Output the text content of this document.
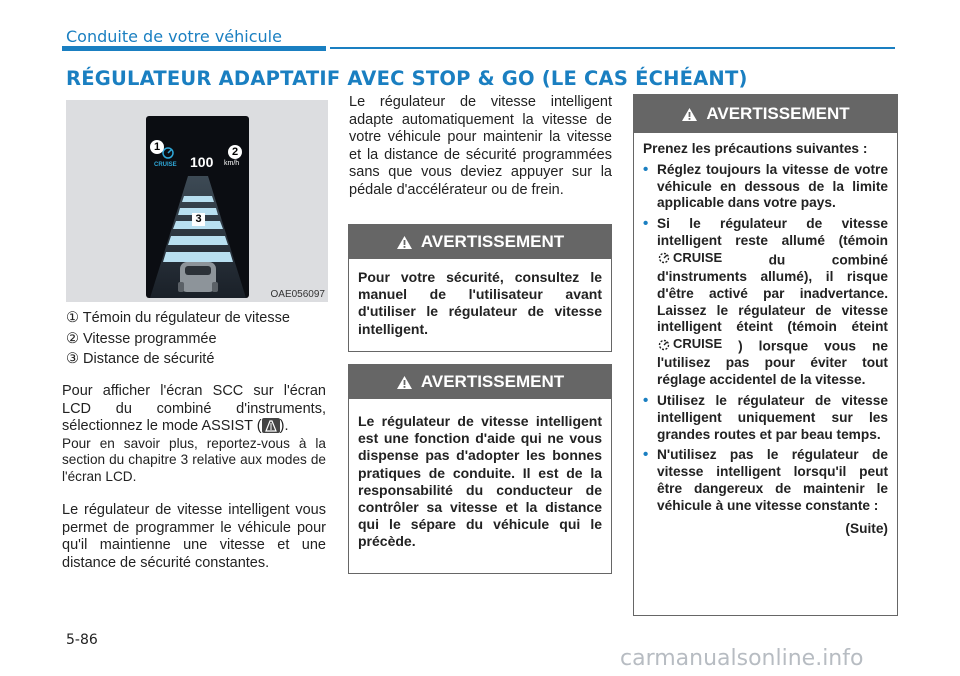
Conduite de votre véhicule
RÉGULATEUR ADAPTATIF AVEC STOP & GO (LE CAS ÉCHÉANT)
CRUISE 100 km/h
1	2
3
OAE056097
① Témoin du régulateur de vitesse
② Vitesse programmée
③ Distance de sécurité
Pour afficher l'écran SCC sur l'écran LCD du combiné d'instruments, sélectionnez le mode ASSIST ( ).
Pour en savoir plus, reportez-vous à la section du chapitre 3 relative aux modes de l'écran LCD.
Le régulateur de vitesse intelligent vous permet de programmer le véhicule pour qu'il maintienne une vitesse et une distance de sécurité constantes.
Le régulateur de vitesse intelligent adapte automatiquement la vitesse de votre véhicule pour maintenir la vitesse et la distance de sécurité programmées sans que vous deviez appuyer sur la pédale d'accélérateur ou de frein.
AVERTISSEMENT
Pour votre sécurité, consultez le manuel de l'utilisateur avant d'utiliser le régulateur de vitesse intelligent.
AVERTISSEMENT
Le régulateur de vitesse intelligent est une fonction d'aide qui ne vous dispense pas d'adopter les bonnes pratiques de conduite. Il est de la responsabilité du conducteur de contrôler sa vitesse et la distance qui le sépare du véhicule qui le précède.
AVERTISSEMENT
Prenez les précautions suivantes :
• Réglez toujours la vitesse de votre véhicule en dessous de la limite applicable dans votre pays.
• Si le régulateur de vitesse intelligent reste allumé (témoin
CRUISE	du combiné d'instruments allumé), il risque d'être activé par inadvertance. Laissez le régulateur de vitesse intelligent éteint (témoin éteint
CRUISE ) lorsque vous ne l'utilisez pas pour éviter tout réglage accidentel de la vitesse.
• Utilisez le régulateur de vitesse intelligent uniquement sur les grandes routes et par beau temps.
• N'utilisez pas le régulateur de vitesse intelligent lorsqu'il peut être dangereux de maintenir le véhicule à une vitesse constante :
(Suite)
5-86
carmanualsonline.info
